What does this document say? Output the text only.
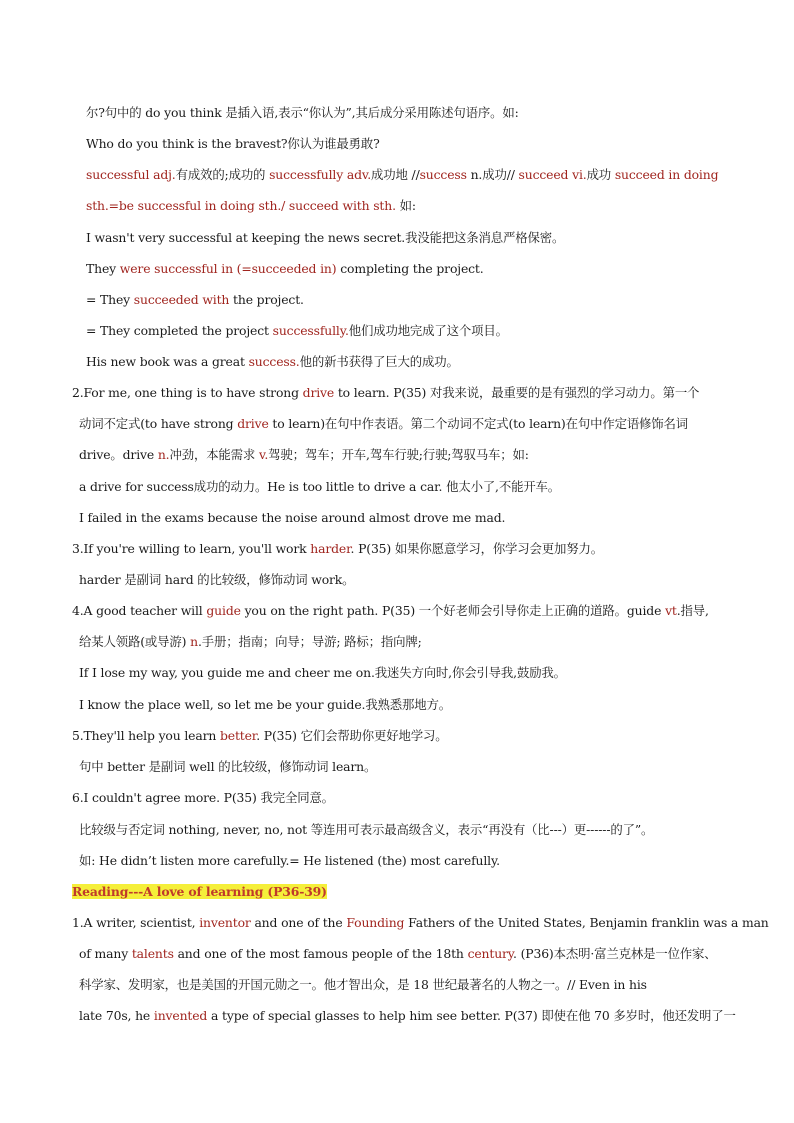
尔?句中的 do you think 是插入语,表示“你认为”,其后成分采用陈述句语序。如:
Who do you think is the bravest?你认为谁最勇敢?
successful adj.有成效的;成功的 successfully adv.成功地 //success n.成功// succeed vi.成功 succeed in doing
sth.=be successful in doing sth./ succeed with sth. 如:
I wasn't very successful at keeping the news secret.我没能把这条消息严格保密。
They were successful in (=succeeded in) completing the project.
= They succeeded with the project.
= They completed the project successfully.他们成功地完成了这个项目。
His new book was a great success.他的新书获得了巨大的成功。
2.For me, one thing is to have strong drive to learn. P(35) 对我来说，最重要的是有强烈的学习动力。第一个
动词不定式(to have strong drive to learn)在句中作表语。第二个动词不定式(to learn)在句中作定语修饰名词
drive。drive n.冲劲，本能需求 v.驾驶；驾车；开车,驾车行驶;行驶;驾驭马车；如:
a drive for success成功的动力。He is too little to drive a car. 他太小了,不能开车。
I failed in the exams because the noise around almost drove me mad.
3.If you're willing to learn, you'll work harder. P(35) 如果你愿意学习，你学习会更加努力。
harder 是副词 hard 的比较级，修饰动词 work。
4.A good teacher will guide you on the right path. P(35) 一个好老师会引导你走上正确的道路。guide vt.指导,
给某人领路(或导游) n.手册；指南；向导；导游; 路标；指向牌;
If I lose my way, you guide me and cheer me on.我迷失方向时,你会引导我,鼓励我。
I know the place well, so let me be your guide.我熟悉那地方。
5.They'll help you learn better. P(35) 它们会帮助你更好地学习。
句中 better 是副词 well 的比较级，修饰动词 learn。
6.I couldn't agree more. P(35) 我完全同意。
比较级与否定词 nothing, never, no, not 等连用可表示最高级含义，表示“再没有（比---）更------的了”。
如: He didn’t listen more carefully.= He listened (the) most carefully.
Reading---A love of learning (P36-39)
1.A writer, scientist, inventor and one of the Founding Fathers of the United States, Benjamin franklin was a man
of many talents and one of the most famous people of the 18th century. (P36)本杰明·富兰克林是一位作家、
科学家、发明家，也是美国的开国元勋之一。他才智出众，是 18 世纪最著名的人物之一。// Even in his
late 70s, he invented a type of special glasses to help him see better. P(37) 即使在他 70 多岁时，他还发明了一
